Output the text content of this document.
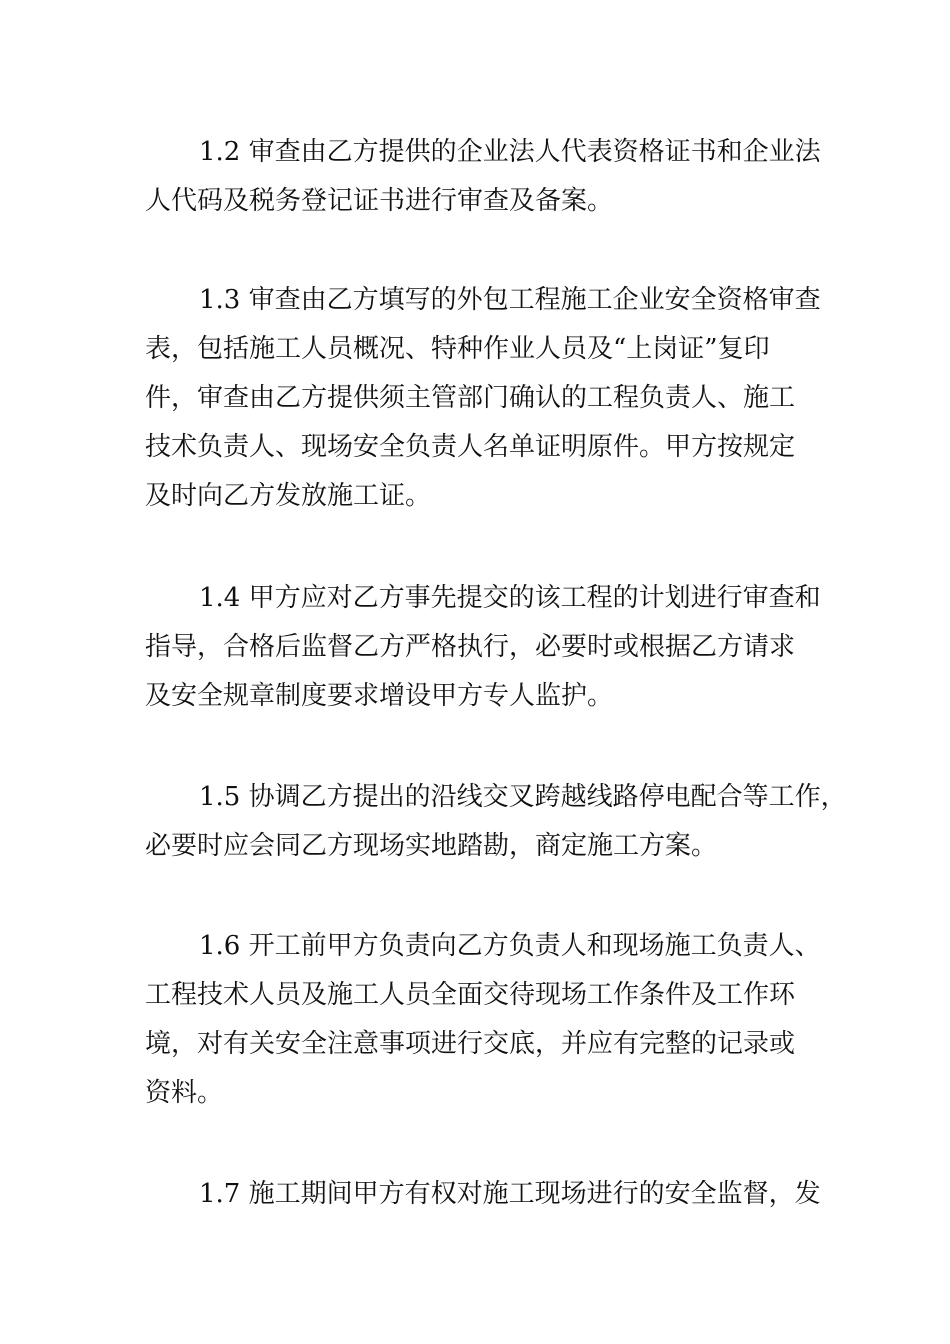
1.2 审查由乙方提供的企业法人代表资格证书和企业法
人代码及税务登记证书进行审查及备案。
1.3 审查由乙方填写的外包工程施工企业安全资格审查
表，包括施工人员概况、特种作业人员及“上岗证”复印
件，审查由乙方提供须主管部门确认的工程负责人、施工
技术负责人、现场安全负责人名单证明原件。甲方按规定
及时向乙方发放施工证。
1.4 甲方应对乙方事先提交的该工程的计划进行审查和
指导，合格后监督乙方严格执行，必要时或根据乙方请求
及安全规章制度要求增设甲方专人监护。
1.5 协调乙方提出的沿线交叉跨越线路停电配合等工作，
必要时应会同乙方现场实地踏勘，商定施工方案。
1.6 开工前甲方负责向乙方负责人和现场施工负责人、
工程技术人员及施工人员全面交待现场工作条件及工作环
境，对有关安全注意事项进行交底，并应有完整的记录或
资料。
1.7 施工期间甲方有权对施工现场进行的安全监督，发
